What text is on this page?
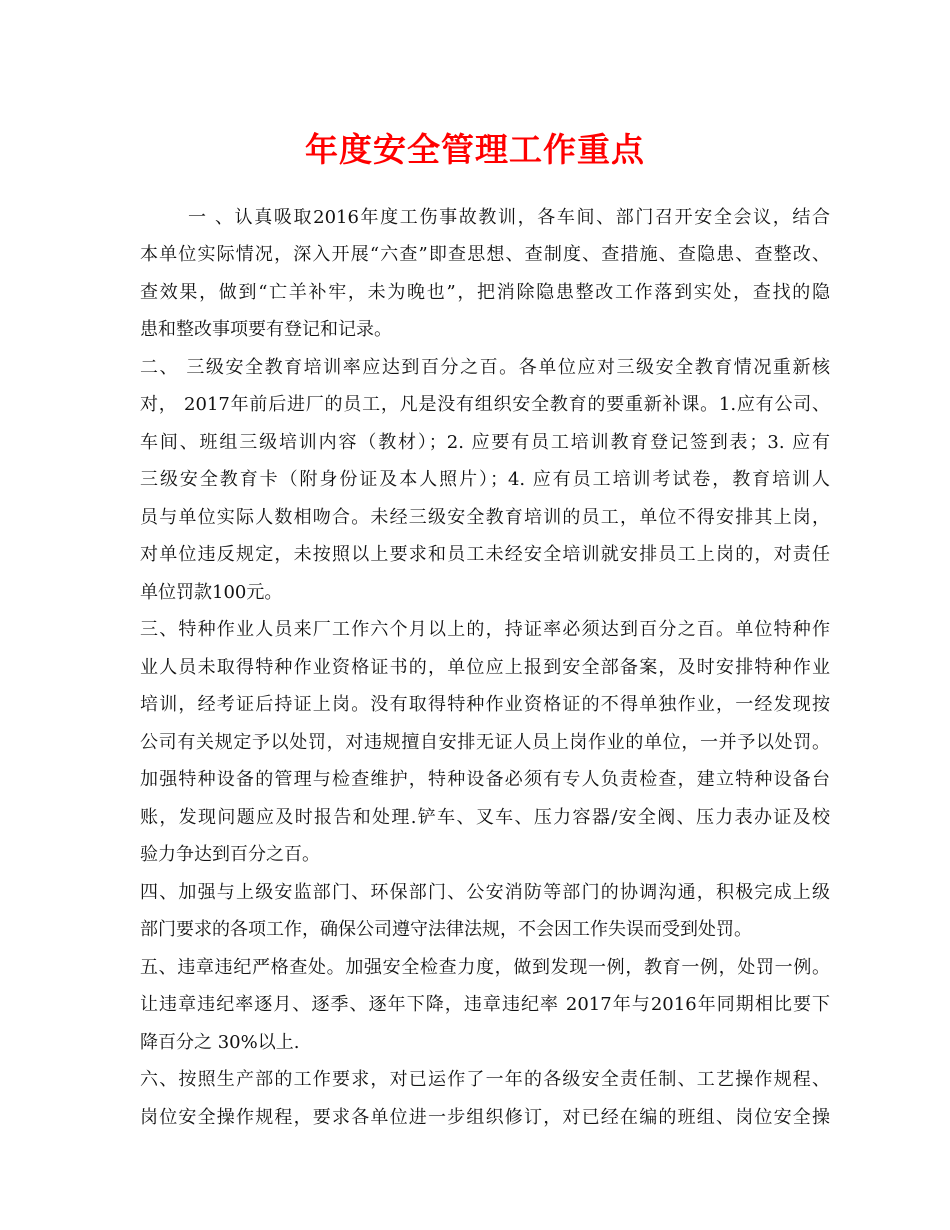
年度安全管理工作重点
一 、认真吸取2016年度工伤事故教训，各车间、部门召开安全会议，结合
本单位实际情况，深入开展“六查”即查思想、查制度、查措施、查隐患、查整改、
查效果，做到“亡羊补牢，未为晚也”，把消除隐患整改工作落到实处，查找的隐
患和整改事项要有登记和记录。
二、 三级安全教育培训率应达到百分之百。各单位应对三级安全教育情况重新核
对， 2017年前后进厂的员工，凡是没有组织安全教育的要重新补课。1.应有公司、
车间、班组三级培训内容（教材）；2. 应要有员工培训教育登记签到表；3. 应有
三级安全教育卡（附身份证及本人照片）；4. 应有员工培训考试卷，教育培训人
员与单位实际人数相吻合。未经三级安全教育培训的员工，单位不得安排其上岗，
对单位违反规定，未按照以上要求和员工未经安全培训就安排员工上岗的，对责任
单位罚款100元。
三、特种作业人员来厂工作六个月以上的，持证率必须达到百分之百。单位特种作
业人员未取得特种作业资格证书的，单位应上报到安全部备案，及时安排特种作业
培训，经考证后持证上岗。没有取得特种作业资格证的不得单独作业，一经发现按
公司有关规定予以处罚，对违规擅自安排无证人员上岗作业的单位，一并予以处罚。
加强特种设备的管理与检查维护，特种设备必须有专人负责检查，建立特种设备台
账，发现问题应及时报告和处理.铲车、叉车、压力容器/安全阀、压力表办证及校
验力争达到百分之百。
四、加强与上级安监部门、环保部门、公安消防等部门的协调沟通，积极完成上级
部门要求的各项工作，确保公司遵守法律法规，不会因工作失误而受到处罚。
五、违章违纪严格查处。加强安全检查力度，做到发现一例，教育一例，处罚一例。
让违章违纪率逐月、逐季、逐年下降，违章违纪率 2017年与2016年同期相比要下
降百分之 30%以上.
六、按照生产部的工作要求，对已运作了一年的各级安全责任制、工艺操作规程、
岗位安全操作规程，要求各单位进一步组织修订，对已经在编的班组、岗位安全操
